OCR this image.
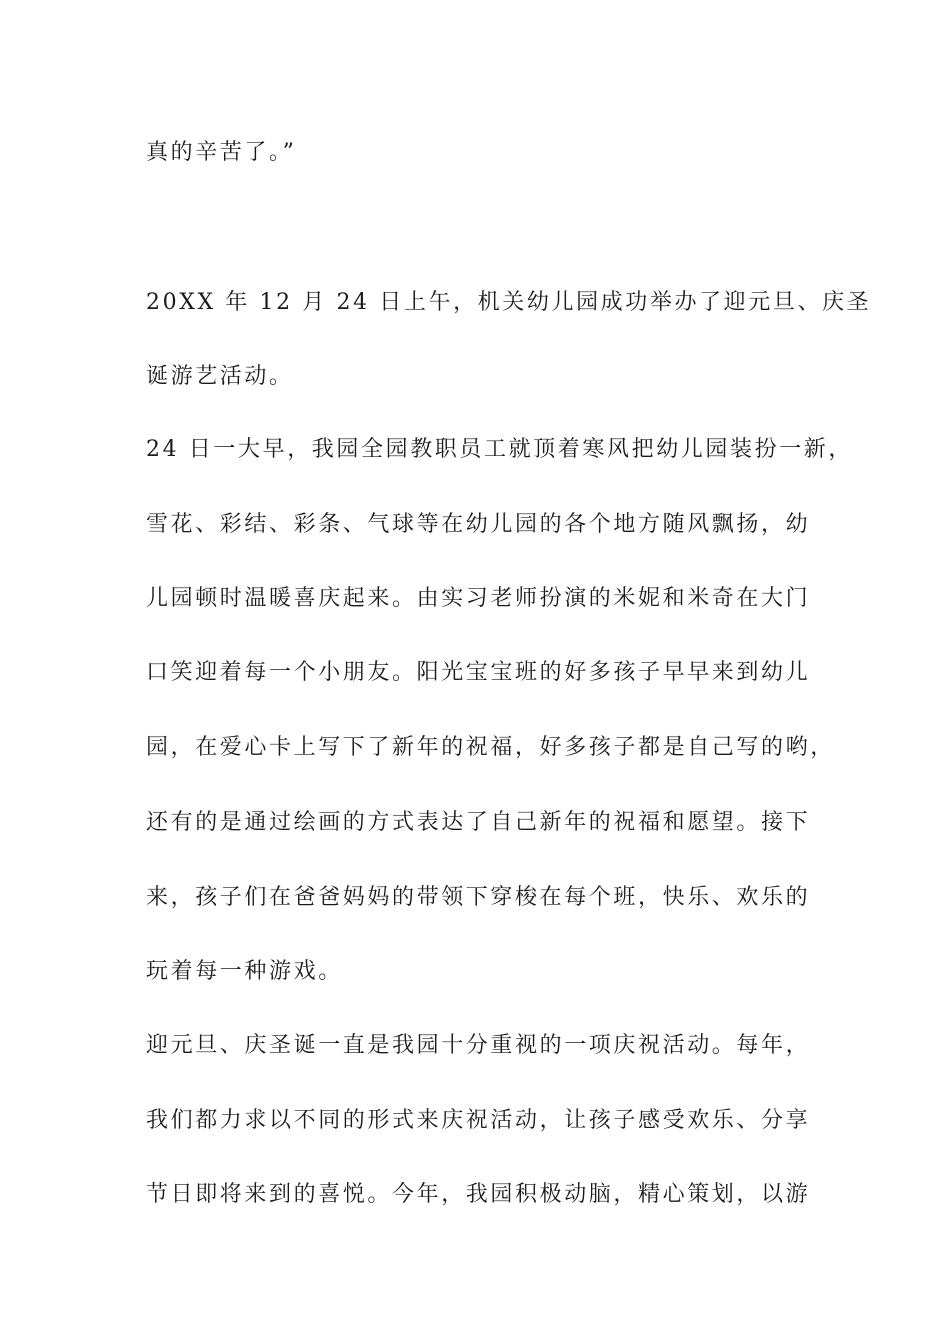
真的辛苦了。”
20XX 年 12 月 24 日上午，机关幼儿园成功举办了迎元旦、庆圣
诞游艺活动。
24 日一大早，我园全园教职员工就顶着寒风把幼儿园装扮一新，
雪花、彩结、彩条、气球等在幼儿园的各个地方随风飘扬，幼
儿园顿时温暖喜庆起来。由实习老师扮演的米妮和米奇在大门
口笑迎着每一个小朋友。阳光宝宝班的好多孩子早早来到幼儿
园，在爱心卡上写下了新年的祝福，好多孩子都是自己写的哟，
还有的是通过绘画的方式表达了自己新年的祝福和愿望。接下
来，孩子们在爸爸妈妈的带领下穿梭在每个班，快乐、欢乐的
玩着每一种游戏。
迎元旦、庆圣诞一直是我园十分重视的一项庆祝活动。每年，
我们都力求以不同的形式来庆祝活动，让孩子感受欢乐、分享
节日即将来到的喜悦。今年，我园积极动脑，精心策划，以游
